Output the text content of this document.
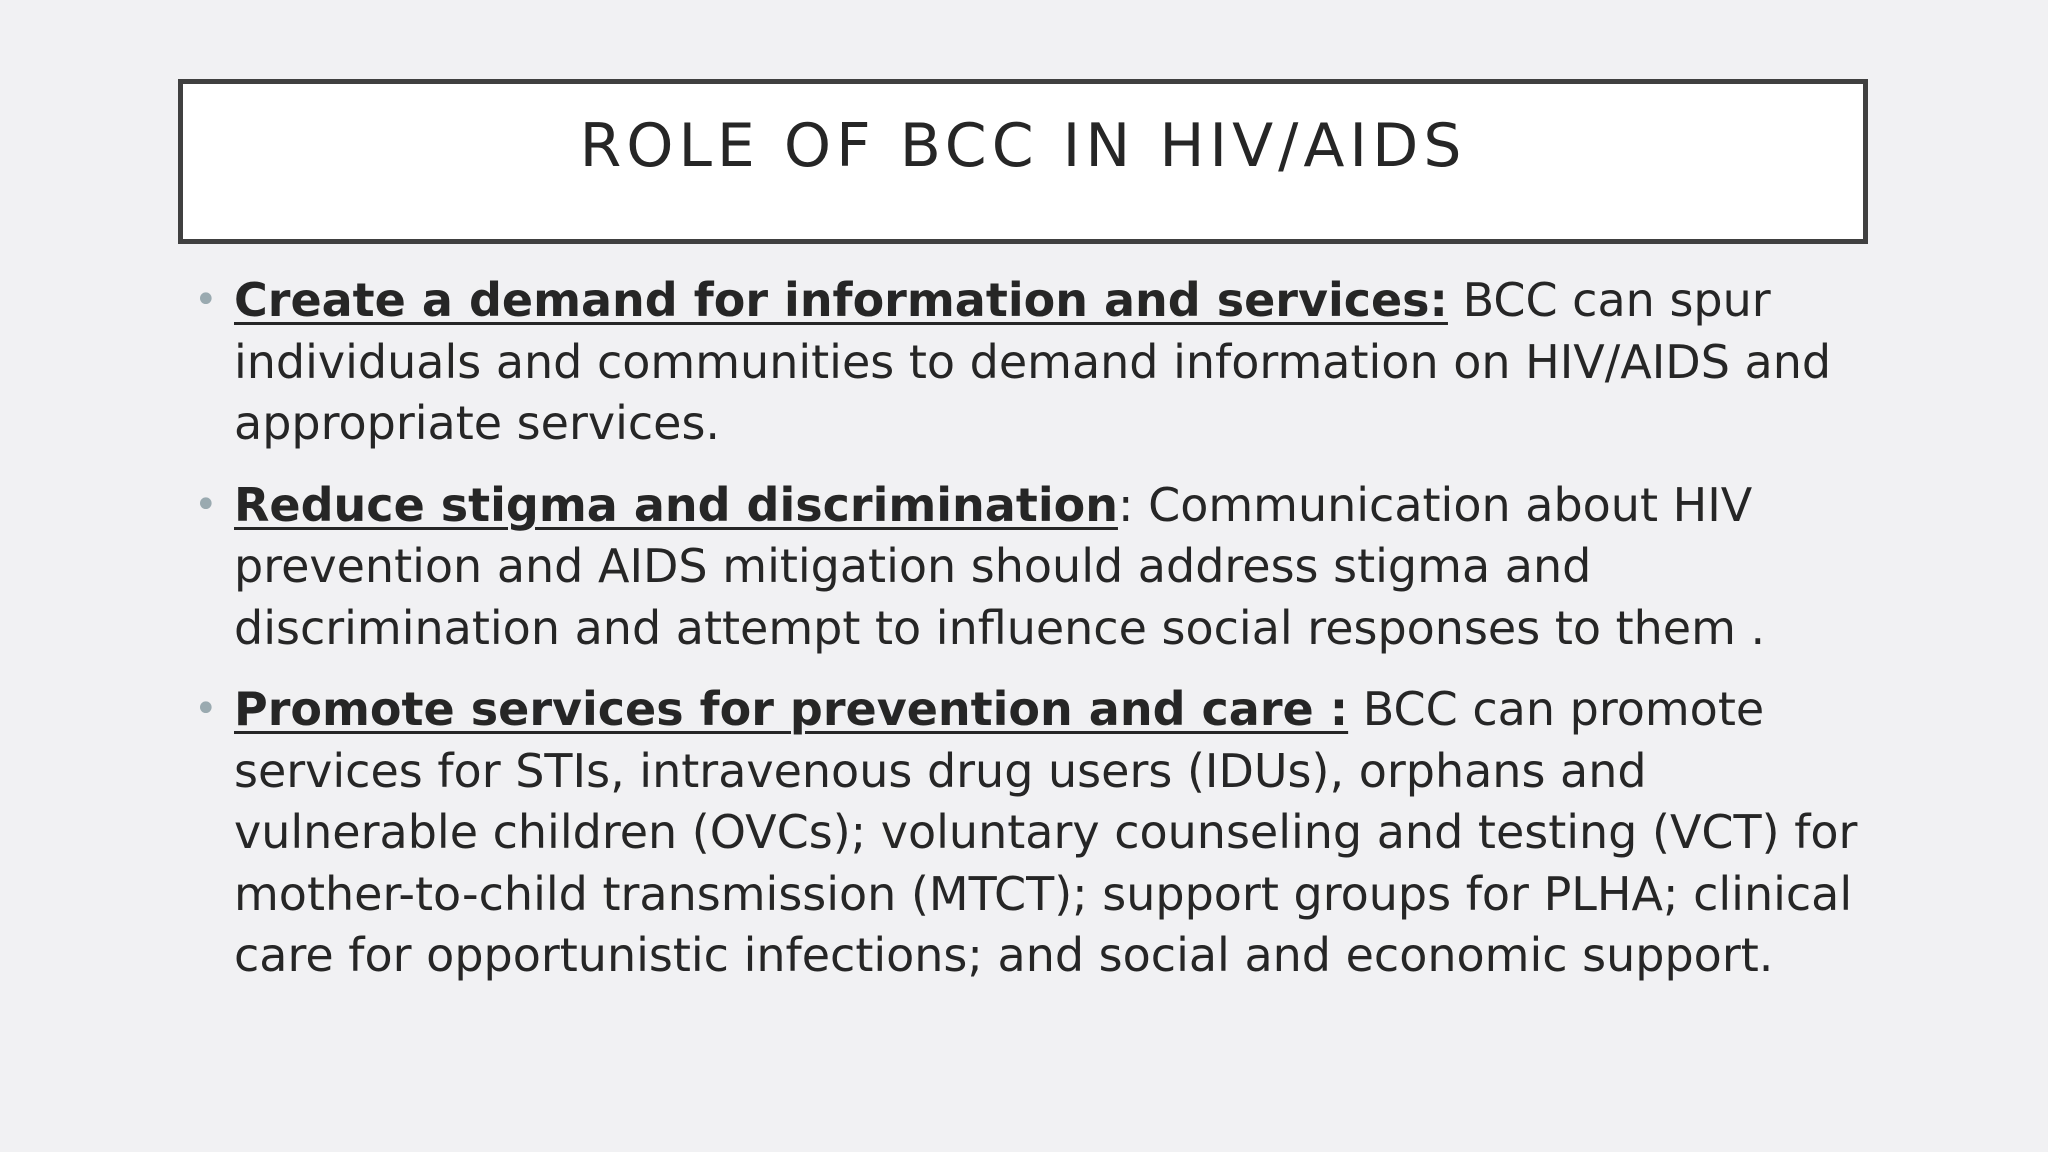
ROLE OF BCC IN HIV/AIDS
• Create a demand for information and services: BCC can spur individuals and communities to demand information on HIV/AIDS and appropriate services.
• Reduce stigma and discrimination: Communication about HIV prevention and AIDS mitigation should address stigma and discrimination and attempt to influence social responses to them .
• Promote services for prevention and care : BCC can promote services for STIs, intravenous drug users (IDUs), orphans and vulnerable children (OVCs); voluntary counseling and testing (VCT) for mother-to-child transmission (MTCT); support groups for PLHA; clinical care for opportunistic infections; and social and economic support.
